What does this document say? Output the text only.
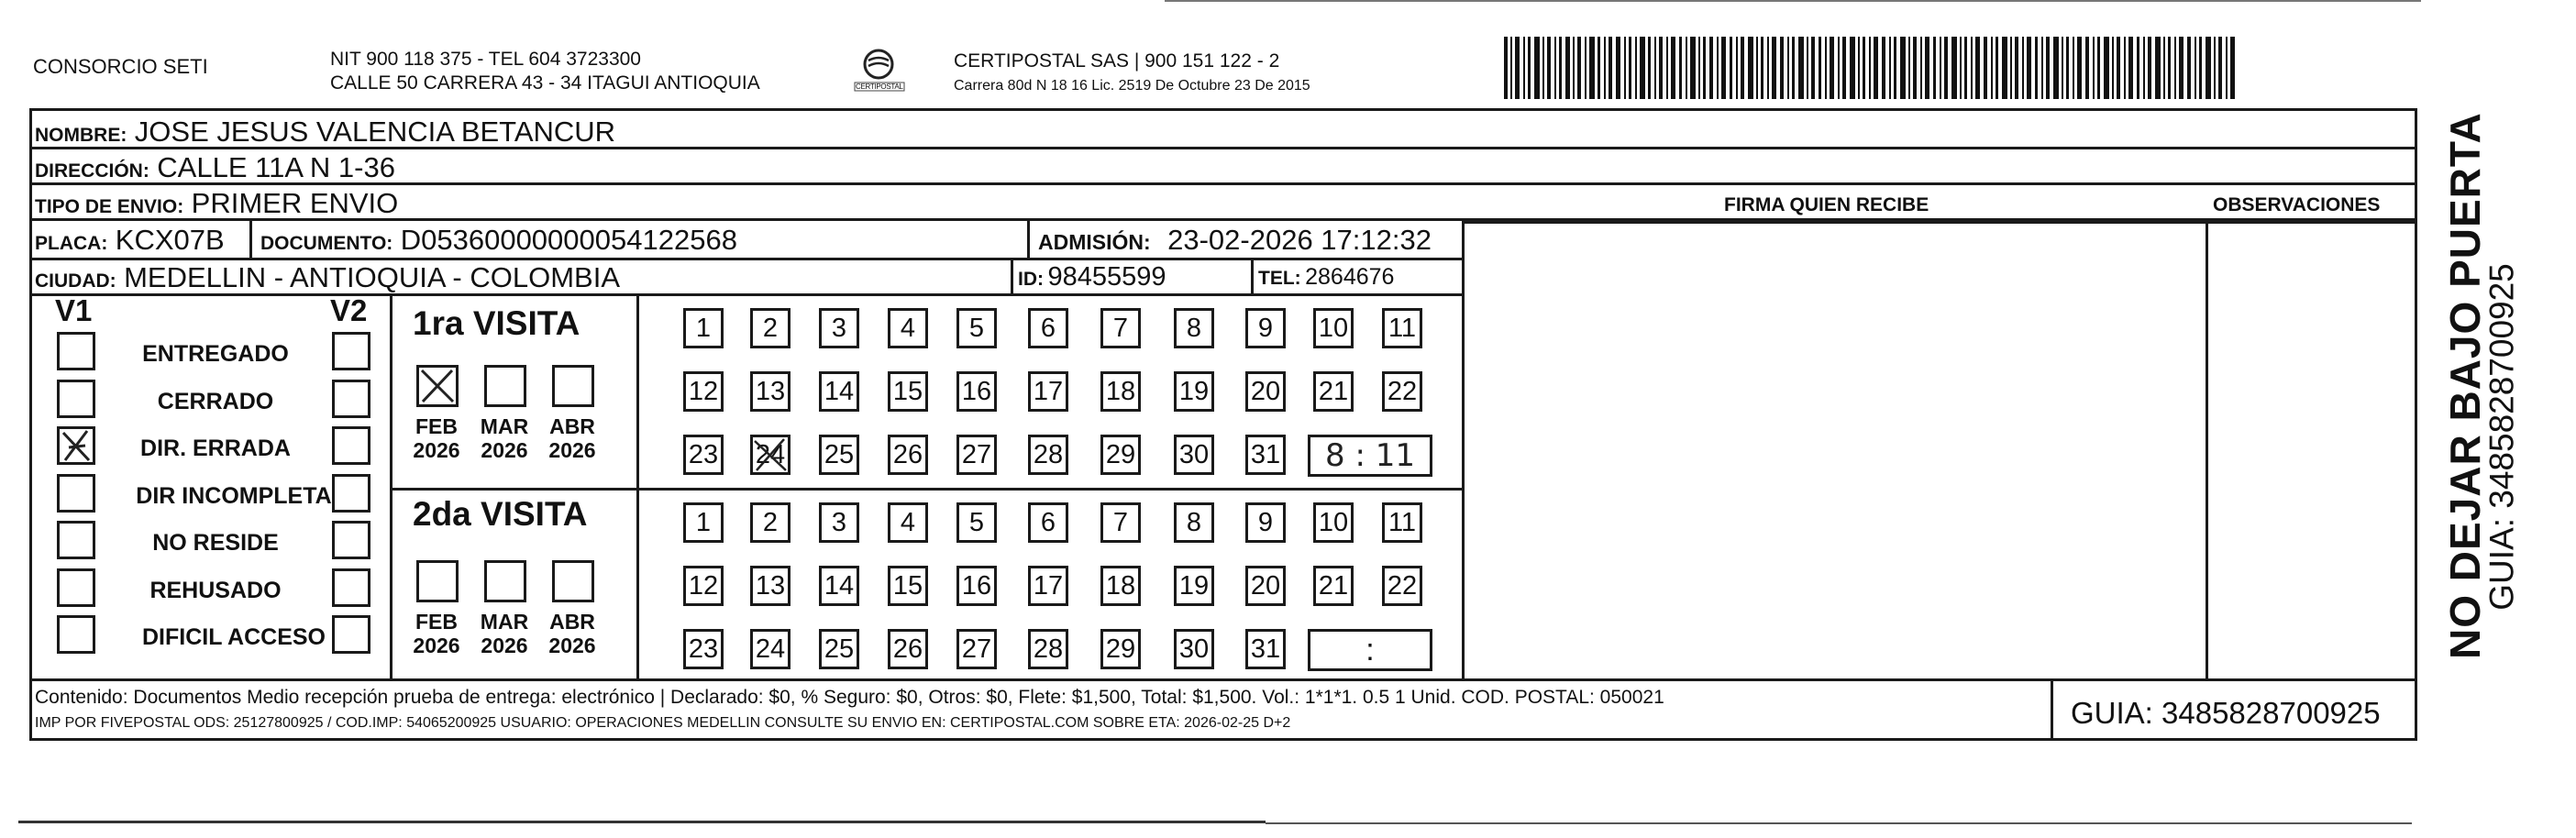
CONSORCIO SETI	NIT 900 118 375 - TEL 604 3723300
CALLE 50 CARRERA 43 - 34 ITAGUI ANTIOQUIA	CERTIPOSTAL
CERTIPOSTAL SAS | 900 151 122 - 2
Carrera 80d N 18 16 Lic. 2519 De Octubre 23 De 2015
NOMBRE: JOSE JESUS VALENCIA BETANCUR
DIRECCIÓN: CALLE 11A N 1-36
TIPO DE ENVIO: PRIMER ENVIO
PLACA: KCX07B DOCUMENTO: D05360000000054122568	ADMISIÓN: 23-02-2026 17:12:32
CIUDAD: MEDELLIN - ANTIOQUIA - COLOMBIA	ID: 98455599	TEL: 2864676
FIRMA QUIEN RECIBE	OBSERVACIONES
V1	V2
ENTREGADO
CERRADO
DIR. ERRADA
DIR INCOMPLETA
NO RESIDE
REHUSADO
DIFICIL ACCESO
1ra VISITA
2da VISITA
FEB
2026
MAR
2026
ABR
2026
FEB
2026
MAR
2026
ABR
2026
1	2	3	4	5	6	7	8	9	10 11
12 13 14 15 16 17 18 19 20 21 22
23 24 25 26 27 28 29 30 31	8 : 11
1	2	3	4	5	6	7	8	9	10 11
12 13 14 15 16 17 18 19 20 21 22
23 24 25 26 27 28 29 30 31	:
Contenido: Documentos Medio recepción prueba de entrega: electrónico | Declarado: $0, % Seguro: $0, Otros: $0, Flete: $1,500, Total: $1,500. Vol.: 1*1*1. 0.5 1 Unid. COD. POSTAL: 050021
IMP POR FIVEPOSTAL ODS: 25127800925 / COD.IMP: 54065200925 USUARIO: OPERACIONES MEDELLIN CONSULTE SU ENVIO EN: CERTIPOSTAL.COM SOBRE ETA: 2026-02-25 D+2	GUIA: 3485828700925
NO DEJAR BAJO PUERTA
GUIA: 3485828700925
